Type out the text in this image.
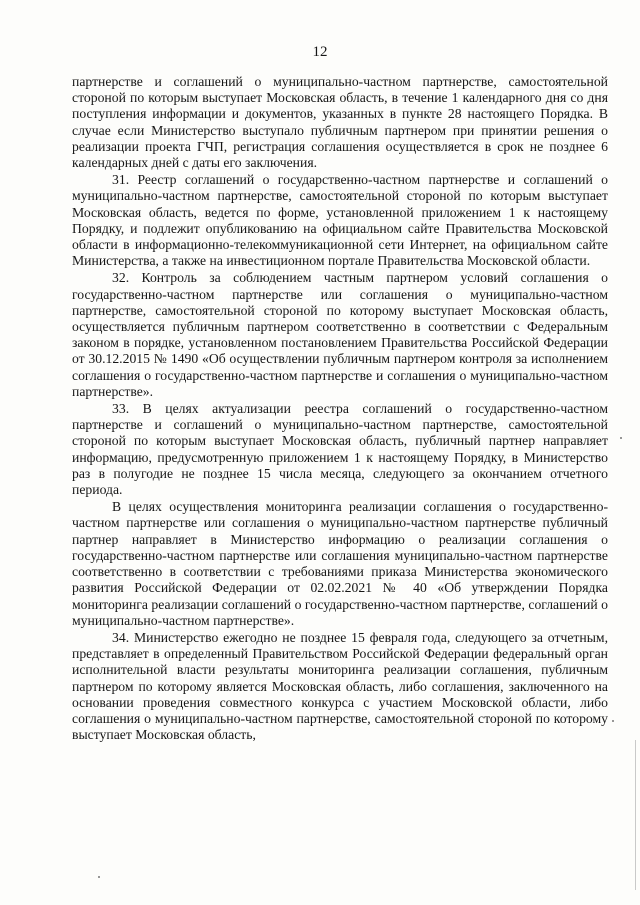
12

партнерстве и соглашений о муниципально-частном партнерстве, самостоятельной стороной по которым выступает Московская область, в течение 1 календарного дня со дня поступления информации и документов, указанных в пункте 28 настоящего Порядка. В случае если Министерство выступало публичным партнером при принятии решения о реализации проекта ГЧП, регистрация соглашения осуществляется в срок не позднее 6 календарных дней с даты его заключения.

31. Реестр соглашений о государственно-частном партнерстве и соглашений о муниципально-частном партнерстве, самостоятельной стороной по которым выступает Московская область, ведется по форме, установленной приложением 1 к настоящему Порядку, и подлежит опубликованию на официальном сайте Правительства Московской области в информационно-телекоммуникационной сети Интернет, на официальном сайте Министерства, а также на инвестиционном портале Правительства Московской области.

32. Контроль за соблюдением частным партнером условий соглашения о государственно-частном партнерстве или соглашения о муниципально-частном партнерстве, самостоятельной стороной по которому выступает Московская область, осуществляется публичным партнером соответственно в соответствии с Федеральным законом в порядке, установленном постановлением Правительства Российской Федерации от 30.12.2015 № 1490 «Об осуществлении публичным партнером контроля за исполнением соглашения о государственно-частном партнерстве и соглашения о муниципально-частном партнерстве».

33. В целях актуализации реестра соглашений о государственно-частном партнерстве и соглашений о муниципально-частном партнерстве, самостоятельной стороной по которым выступает Московская область, публичный партнер направляет информацию, предусмотренную приложением 1 к настоящему Порядку, в Министерство раз в полугодие не позднее 15 числа месяца, следующего за окончанием отчетного периода.

В целях осуществления мониторинга реализации соглашения о государственно-частном партнерстве или соглашения о муниципально-частном партнерстве публичный партнер направляет в Министерство информацию о реализации соглашения о государственно-частном партнерстве или соглашения муниципально-частном партнерстве соответственно в соответствии с требованиями приказа Министерства экономического развития Российской Федерации от 02.02.2021 № 40 «Об утверждении Порядка мониторинга реализации соглашений о государственно-частном партнерстве, соглашений о муниципально-частном партнерстве».

34. Министерство ежегодно не позднее 15 февраля года, следующего за отчетным, представляет в определенный Правительством Российской Федерации федеральный орган исполнительной власти результаты мониторинга реализации соглашения, публичным партнером по которому является Московская область, либо соглашения, заключенного на основании проведения совместного конкурса с участием Московской области, либо соглашения о муниципально-частном партнерстве, самостоятельной стороной по которому выступает Московская область,
